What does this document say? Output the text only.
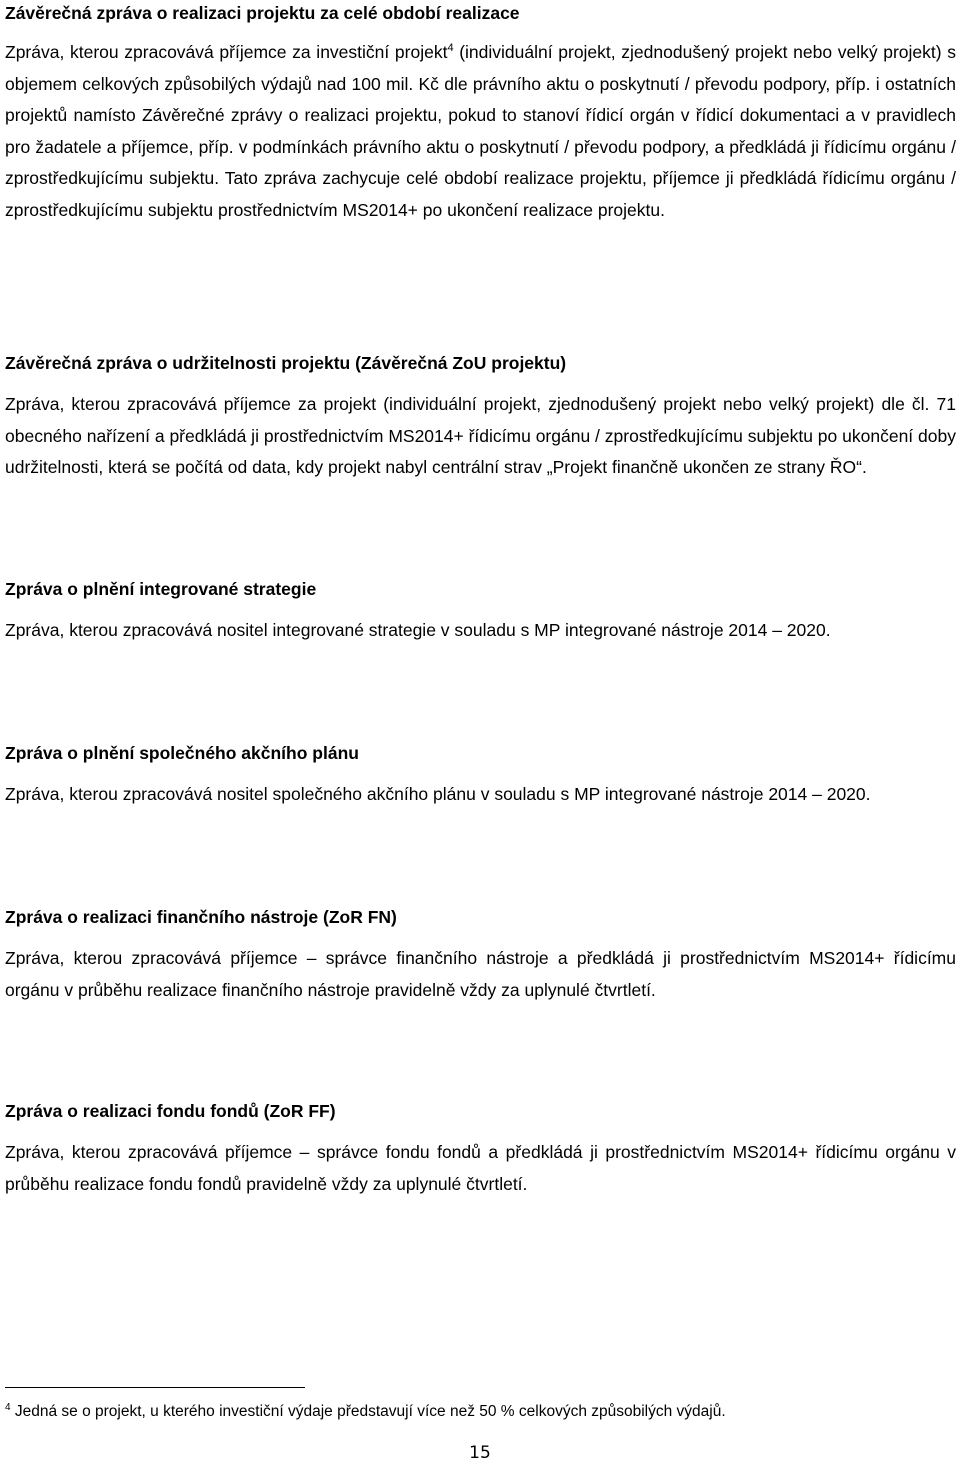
Závěrečná zpráva o realizaci projektu za celé období realizace

Zpráva, kterou zpracovává příjemce za investiční projekt$^4$ (individuální projekt, zjednodušený projekt nebo velký projekt) s objemem celkových způsobilých výdajů nad 100 mil. Kč dle právního aktu o poskytnutí / převodu podpory, příp. i ostatních projektů namísto Závěrečné zprávy o realizaci projektu, pokud to stanoví řídicí orgán v řídicí dokumentaci a v pravidlech pro žadatele a příjemce, příp. v podmínkách právního aktu o poskytnutí / převodu podpory, a předkládá ji řídicímu orgánu / zprostředkujícímu subjektu. Tato zpráva zachycuje celé období realizace projektu, příjemce ji předkládá řídicímu orgánu / zprostředkujícímu subjektu prostřednictvím MS2014+ po ukončení realizace projektu.

Závěrečná zpráva o udržitelnosti projektu (Závěrečná ZoU projektu)

Zpráva, kterou zpracovává příjemce za projekt (individuální projekt, zjednodušený projekt nebo velký projekt) dle čl. 71 obecného nařízení a předkládá ji prostřednictvím MS2014+ řídicímu orgánu / zprostředkujícímu subjektu po ukončení doby udržitelnosti, která se počítá od data, kdy projekt nabyl centrální strav „Projekt finančně ukončen ze strany ŘO“.

Zpráva o plnění integrované strategie

Zpráva, kterou zpracovává nositel integrované strategie v souladu s MP integrované nástroje 2014 – 2020.

Zpráva o plnění společného akčního plánu

Zpráva, kterou zpracovává nositel společného akčního plánu v souladu s MP integrované nástroje 2014 – 2020.

Zpráva o realizaci finančního nástroje (ZoR FN)

Zpráva, kterou zpracovává příjemce – správce finančního nástroje a předkládá ji prostřednictvím MS2014+ řídicímu orgánu v průběhu realizace finančního nástroje pravidelně vždy za uplynulé čtvrtletí.

Zpráva o realizaci fondu fondů (ZoR FF)

Zpráva, kterou zpracovává příjemce – správce fondu fondů a předkládá ji prostřednictvím MS2014+ řídicímu orgánu v průběhu realizace fondu fondů pravidelně vždy za uplynulé čtvrtletí.

$^4$ Jedná se o projekt, u kterého investiční výdaje představují více než 50 % celkových způsobilých výdajů.
15
